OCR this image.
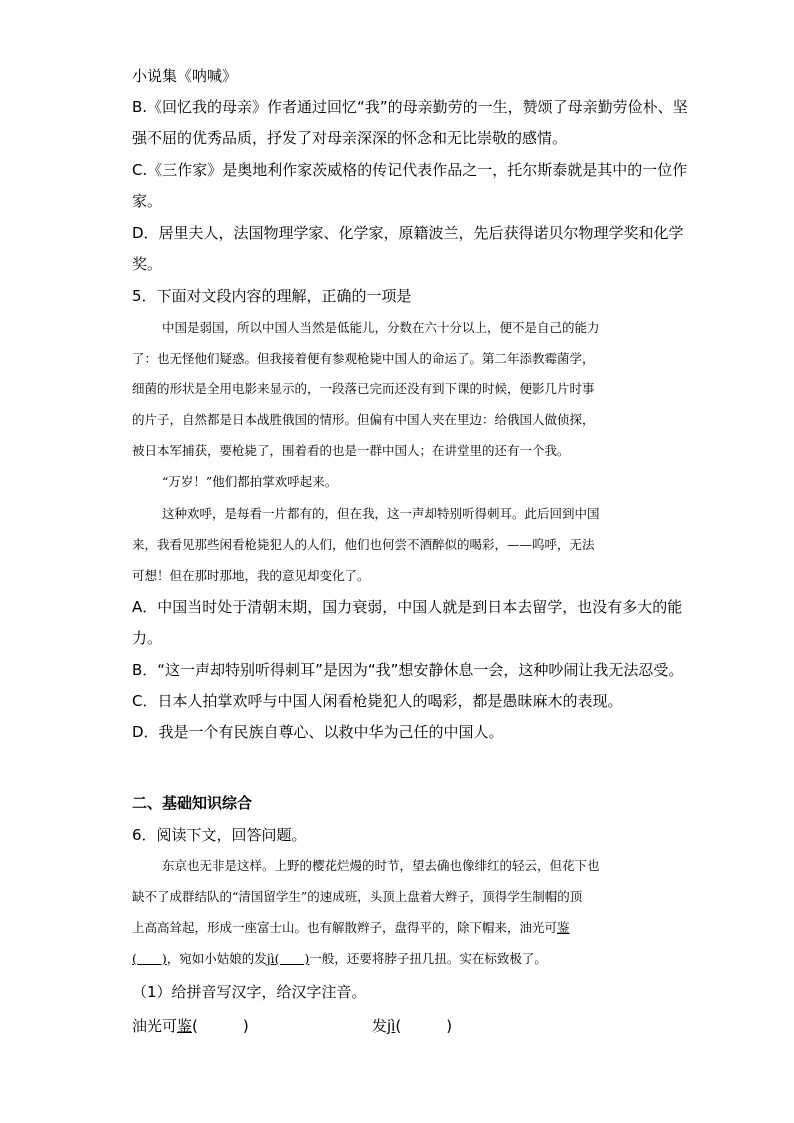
小说集《呐喊》
B.《回忆我的母亲》作者通过回忆“我”的母亲勤劳的一生，赞颂了母亲勤劳俭朴、坚
强不屈的优秀品质，抒发了对母亲深深的怀念和无比崇敬的感情。
C.《三作家》是奥地利作家茨威格的传记代表作品之一，托尔斯泰就是其中的一位作
家。
D．居里夫人，法国物理学家、化学家，原籍波兰，先后获得诺贝尔物理学奖和化学
奖。
5．下面对文段内容的理解，正确的一项是
中国是弱国，所以中国人当然是低能儿，分数在六十分以上，便不是自己的能力
了：也无怪他们疑惑。但我接着便有参观枪毙中国人的命运了。第二年添教霉菌学，
细菌的形状是全用电影来显示的，一段落已完而还没有到下课的时候，便影几片时事
的片子，自然都是日本战胜俄国的情形。但偏有中国人夹在里边：给俄国人做侦探，
被日本军捕获，要枪毙了，围着看的也是一群中国人；在讲堂里的还有一个我。
“万岁！”他们都拍掌欢呼起来。
这种欢呼，是每看一片都有的，但在我，这一声却特别听得刺耳。此后回到中国
来，我看见那些闲看枪毙犯人的人们，他们也何尝不酒醉似的喝彩，——呜呼，无法
可想！但在那时那地，我的意见却变化了。
A．中国当时处于清朝末期，国力衰弱，中国人就是到日本去留学，也没有多大的能
力。
B．“这一声却特别听得刺耳”是因为“我”想安静休息一会，这种吵闹让我无法忍受。
C．日本人拍掌欢呼与中国人闲看枪毙犯人的喝彩，都是愚昧麻木的表现。
D．我是一个有民族自尊心、以救中华为己任的中国人。
二、基础知识综合
6．阅读下文，回答问题。
东京也无非是这样。上野的樱花烂熳的时节，望去确也像绯红的轻云，但花下也
缺不了成群结队的“清国留学生”的速成班，头顶上盘着大辫子，顶得学生制帽的顶
上高高耸起，形成一座富士山。也有解散辫子，盘得平的，除下帽来，油光可鉴
(　　)，宛如小姑娘的发jì(　　)一般，还要将脖子扭几扭。实在标致极了。
（1）给拼音写汉字，给汉字注音。
油光可鉴(　　　)	发jì(　　　)
